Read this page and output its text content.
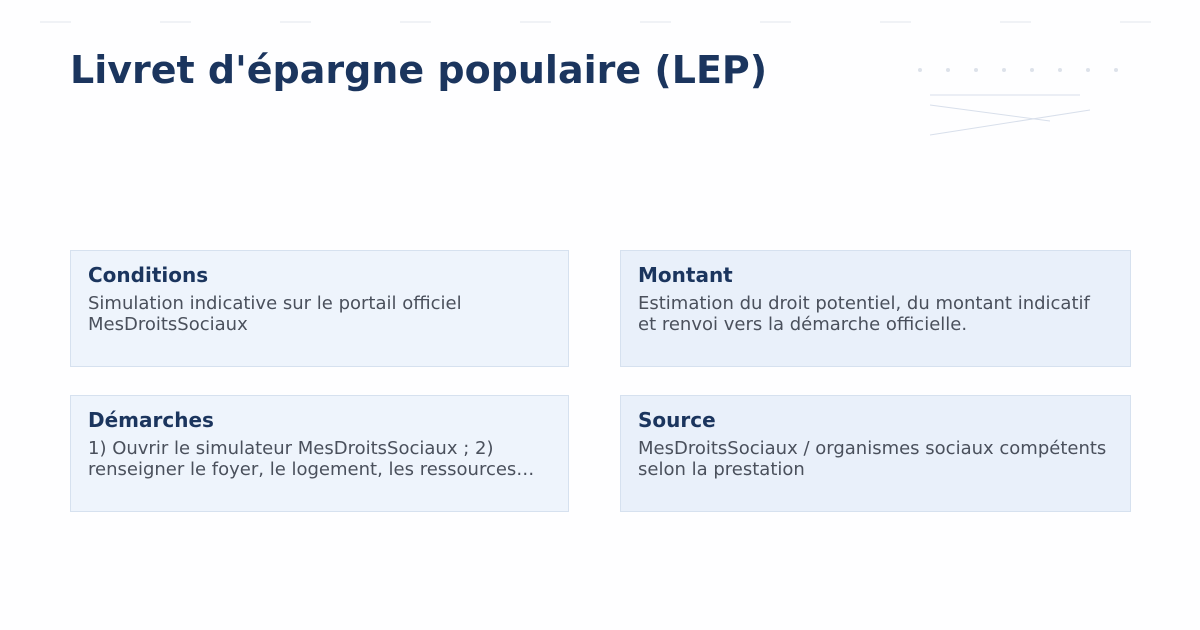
Livret d'épargne populaire (LEP)
Conditions

Simulation indicative sur le portail officiel MesDroitsSociaux

Montant

Estimation du droit potentiel, du montant indicatif et renvoi vers la démarche officielle.

Démarches

1) Ouvrir le simulateur MesDroitsSociaux ; 2) renseigner le foyer, le logement, les ressources…

Source

MesDroitsSociaux / organismes sociaux compétents selon la prestation
